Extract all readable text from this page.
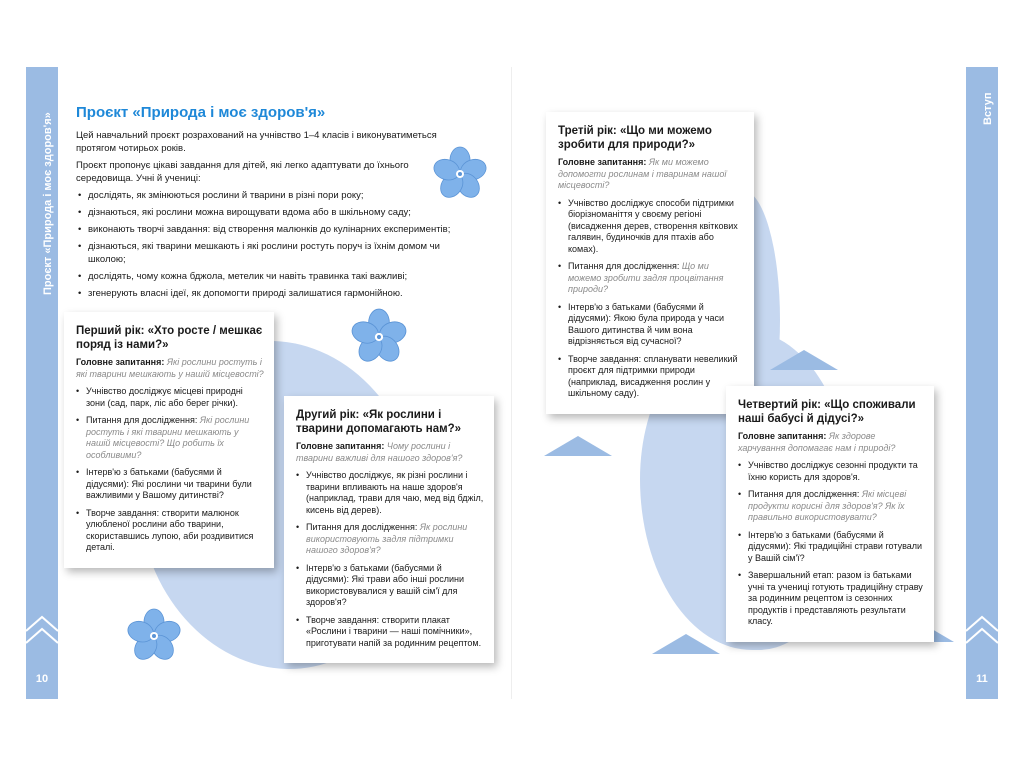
Проєкт «Природа і моє здоров'я»
10
Вступ
11
Проєкт «Природа і моє здоров'я»

Цей навчальний проєкт розрахований на учнівство 1–4 класів і виконуватиметься протягом чотирьох років.

Проєкт пропонує цікаві завдання для дітей, які легко адаптувати до їхнього середовища. Учні й учениці:

• дослідять, як змінюються рослини й тварини в різні пори року;
• дізнаються, які рослини можна вирощувати вдома або в шкільному саду;
• виконають творчі завдання: від створення малюнків до кулінарних експериментів;
• дізнаються, які тварини мешкають і які рослини ростуть поруч із їхнім домом чи школою;
• дослідять, чому кожна бджола, метелик чи навіть травинка такі важливі;
• згенерують власні ідеї, як допомогти природі залишатися гармонійною.
Перший рік: «Хто росте / мешкає поряд із нами?»

Головне запитання: Які рослини ростуть і які тварини мешкають у нашій місцевості?

• Учнівство досліджує місцеві природні зони (сад, парк, ліс або берег річки).
• Питання для дослідження: Які рослини ростуть і які тварини мешкають у нашій місцевості? Що робить їх особливими?
• Інтерв'ю з батьками (бабусями й дідусями): Які рослини чи тварини були важливими у Вашому дитинстві?
• Творче завдання: створити малюнок улюбленої рослини або тварини, скориставшись лупою, аби роздивитися деталі.
Другий рік: «Як рослини і тварини допомагають нам?»

Головне запитання: Чому рослини і тварини важливі для нашого здоров'я?

• Учнівство досліджує, як різні рослини і тварини впливають на наше здоров'я (наприклад, трави для чаю, мед від бджіл, кисень від дерев).
• Питання для дослідження: Як рослини використовують задля підтримки нашого здоров'я?
• Інтерв'ю з батьками (бабусями й дідусями): Які трави або інші рослини використовувалися у вашій сім'ї для здоров'я?
• Творче завдання: створити плакат «Рослини і тварини — наші помічники», приготувати напій за родинним рецептом.
Третій рік: «Що ми можемо зробити для природи?»

Головне запитання: Як ми можемо допомогти рослинам і тваринам нашої місцевості?

• Учнівство досліджує способи підтримки біорізноманіття у своєму регіоні (висадження дерев, створення квіткових галявин, будиночків для птахів або комах).
• Питання для дослідження: Що ми можемо зробити задля процвітання природи?
• Інтерв'ю з батьками (бабусями й дідусями): Якою була природа у часи Вашого дитинства й чим вона відрізняється від сучасної?
• Творче завдання: спланувати невеликий проєкт для підтримки природи (наприклад, висадження рослин у шкільному саду).
Четвертий рік: «Що споживали наші бабусі й дідусі?»

Головне запитання: Як здорове харчування допомагає нам і природі?

• Учнівство досліджує сезонні продукти та їхню користь для здоров'я.
• Питання для дослідження: Які місцеві продукти корисні для здоров'я? Як їх правильно використовувати?
• Інтерв'ю з батьками (бабусями й дідусями): Які традиційні страви готували у Вашій сім'ї?
• Завершальний етап: разом із батьками учні та учениці готують традиційну страву за родинним рецептом із сезонних продуктів і представляють результати класу.
